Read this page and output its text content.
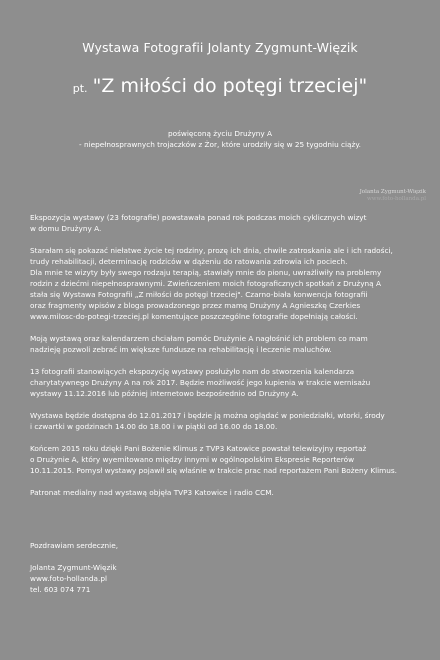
Wystawa Fotografii Jolanty Zygmunt-Więzik
pt. "Z miłości do potęgi trzeciej"
poświęconą życiu Drużyny A
- niepełnosprawnych trojaczków z Żor, które urodziły się w 25 tygodniu ciąży.
Jolanta Zygmunt-Więzik
www.foto-hollanda.pl

Ekspozycja wystawy (23 fotografie) powstawała ponad rok podczas moich cyklicznych wizyt
w domu Drużyny A.

Starałam się pokazać niełatwe życie tej rodziny, prozę ich dnia, chwile zatroskania ale i ich radości,
trudy rehabilitacji, determinację rodziców w dążeniu do ratowania zdrowia ich pociech.
Dla mnie te wizyty były swego rodzaju terapią, stawiały mnie do pionu, uwrażliwiły na problemy
rodzin z dziećmi niepełnosprawnymi. Zwieńczeniem moich fotograficznych spotkań z Drużyną A
stała się Wystawa Fotografii „Z miłości do potęgi trzeciej". Czarno-biała konwencja fotografii
oraz fragmenty wpisów z bloga prowadzonego przez mamę Drużyny A Agnieszkę Czerkies
www.milosc-do-potegi-trzeciej.pl komentujące poszczególne fotografie dopełniają całości.

Moją wystawą oraz kalendarzem chciałam pomóc Drużynie A nagłośnić ich problem co mam
nadzieję pozwoli zebrać im większe fundusze na rehabilitację i leczenie maluchów.

13 fotografii stanowiących ekspozycję wystawy posłużyło nam do stworzenia kalendarza
charytatywnego Drużyny A na rok 2017. Będzie możliwość jego kupienia w trakcie wernisażu
wystawy 11.12.2016 lub później internetowo bezpośrednio od Drużyny A.

Wystawa będzie dostępna do 12.01.2017 i będzie ją można oglądać w poniedziałki, wtorki, środy
i czwartki w godzinach 14.00 do 18.00 i w piątki od 16.00 do 18.00.

Końcem 2015 roku dzięki Pani Bożenie Klimus z TVP3 Katowice powstał telewizyjny reportaż
o Drużynie A, który wyemitowano między innymi w ogólnopolskim Ekspresie Reporterów
10.11.2015. Pomysł wystawy pojawił się właśnie w trakcie prac nad reportażem Pani Bożeny Klimus.

Patronat medialny nad wystawą objęła TVP3 Katowice i radio CCM.

Pozdrawiam serdecznie,
Jolanta Zygmunt-Więzik
www.foto-hollanda.pl
tel. 603 074 771
